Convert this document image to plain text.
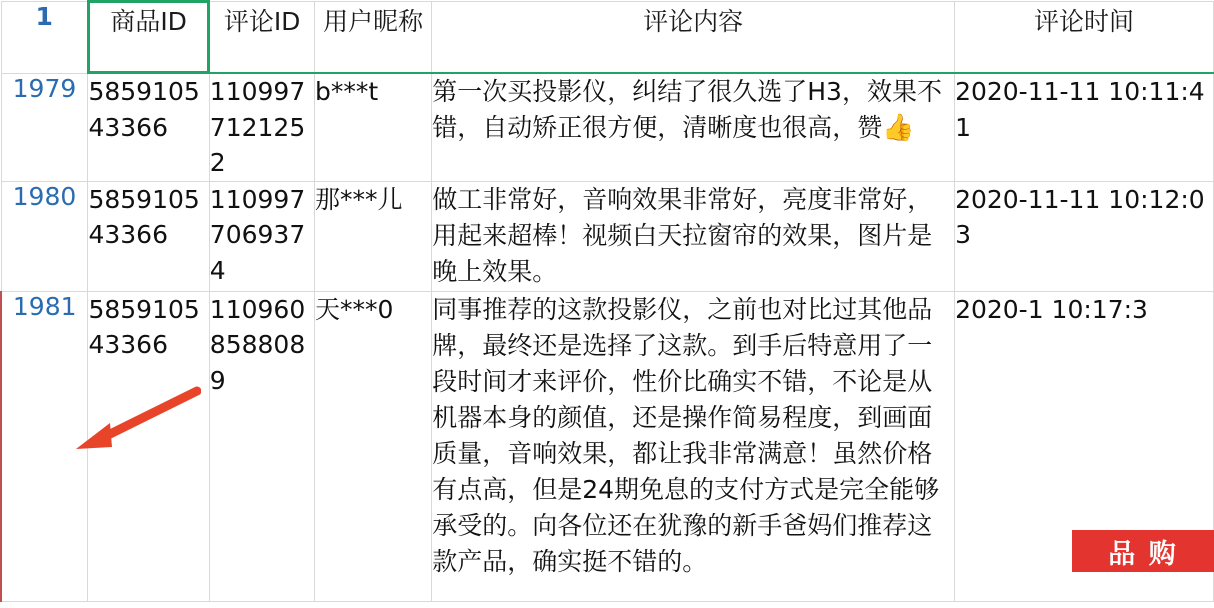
1	商品ID	评论ID	用户昵称	评论内容	评论时间
1979	585910543366	1109977121252	b***t	第一次买投影仪，纠结了很久选了H3，效果不错，自动矫正很方便，清晰度也很高，赞👍	2020-11-11 10:11:41
1980	585910543366	1109977069374	那***儿	做工非常好，音响效果非常好，亮度非常好，用起来超棒！视频白天拉窗帘的效果，图片是晚上效果。	2020-11-11 10:12:03
1981	585910543366	1109608588089	天***0	同事推荐的这款投影仪，之前也对比过其他品牌，最终还是选择了这款。到手后特意用了一段时间才来评价，性价比确实不错，不论是从机器本身的颜值，还是操作简易程度，到画面质量，音响效果，都让我非常满意！虽然价格有点高，但是24期免息的支付方式是完全能够承受的。向各位还在犹豫的新手爸妈们推荐这款产品，确实挺不错的。	2020-1 10:17:3
品 购
